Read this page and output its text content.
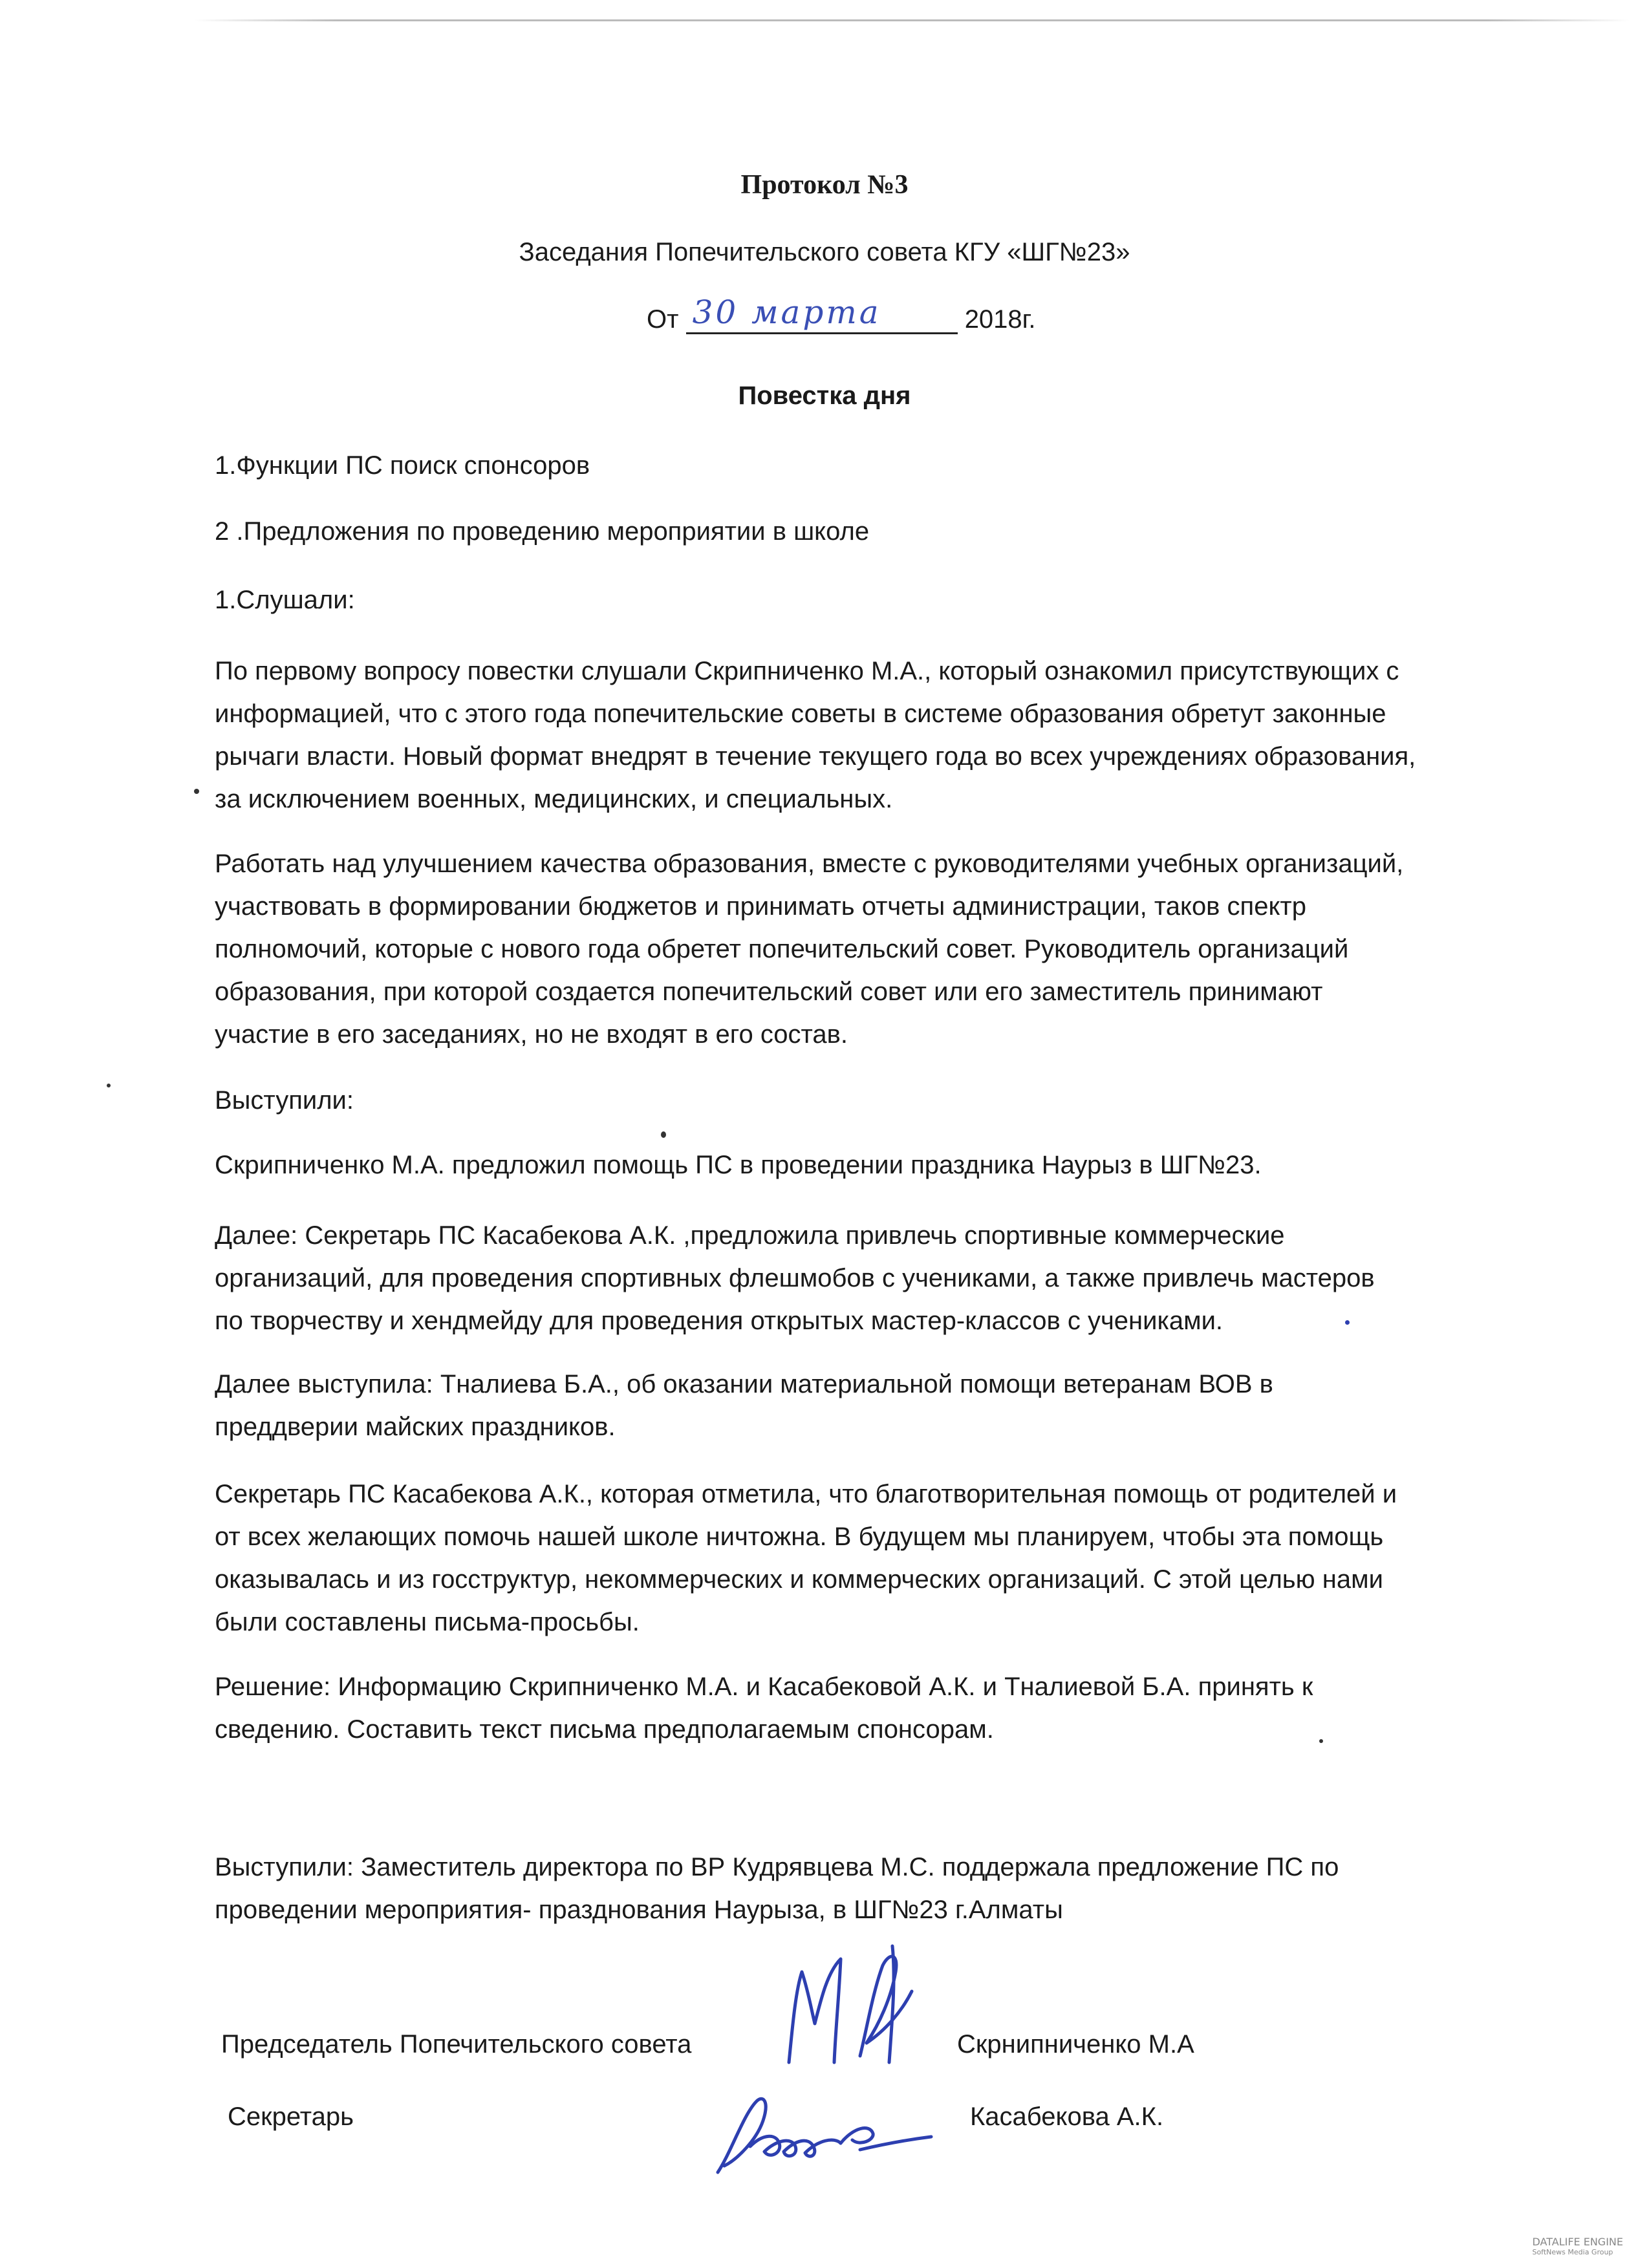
Протокол №3
Заседания Попечительского совета КГУ «ШГ№23»
От 30 марта	2018г.
Повестка дня
1.Функции ПС поиск спонсоров
2 .Предложения по проведению мероприятии в школе
1.Слушали:
По первому вопросу повестки слушали Скрипниченко М.А., который ознакомил присутствующих с
информацией, что с этого года попечительские советы в системе образования обретут законные
рычаги власти. Новый формат внедрят в течение текущего года во всех учреждениях образования,
за исключением военных, медицинских, и специальных.
Работать над улучшением качества образования, вместе с руководителями учебных организаций,
участвовать в формировании бюджетов и принимать отчеты администрации, таков спектр
полномочий, которые с нового года обретет попечительский совет. Руководитель организаций
образования, при которой создается попечительский совет или его заместитель принимают
участие в его заседаниях, но не входят в его состав.
Выступили:
Скрипниченко М.А. предложил помощь ПС в проведении праздника Наурыз в ШГ№23.
Далее: Секретарь ПС Касабекова А.К. ,предложила привлечь спортивные коммерческие
организаций, для проведения спортивных флешмобов с учениками, а также привлечь мастеров
по творчеству и хендмейду для проведения открытых мастер-классов с учениками.
Далее выступила: Тналиева Б.А., об оказании материальной помощи ветеранам ВОВ в
преддверии майских праздников.
Секретарь ПС Касабекова А.К., которая отметила, что благотворительная помощь от родителей и
от всех желающих помочь нашей школе ничтожна. В будущем мы планируем, чтобы эта помощь
оказывалась и из госструктур, некоммерческих и коммерческих организаций. С этой целью нами
были составлены письма-просьбы.
Решение: Информацию Скрипниченко М.А. и Касабековой А.К. и Тналиевой Б.А. принять к
сведению. Составить текст письма предполагаемым спонсорам.
Выступили: Заместитель директора по ВР Кудрявцева М.С. поддержала предложение ПС по
проведении мероприятия- празднования Наурыза, в ШГ№23 г.Алматы
Председатель Попечительского совета	Скрнипниченко М.А
Секретарь	Касабекова А.К.
DATALIFE ENGINE
SoftNews Media Group
